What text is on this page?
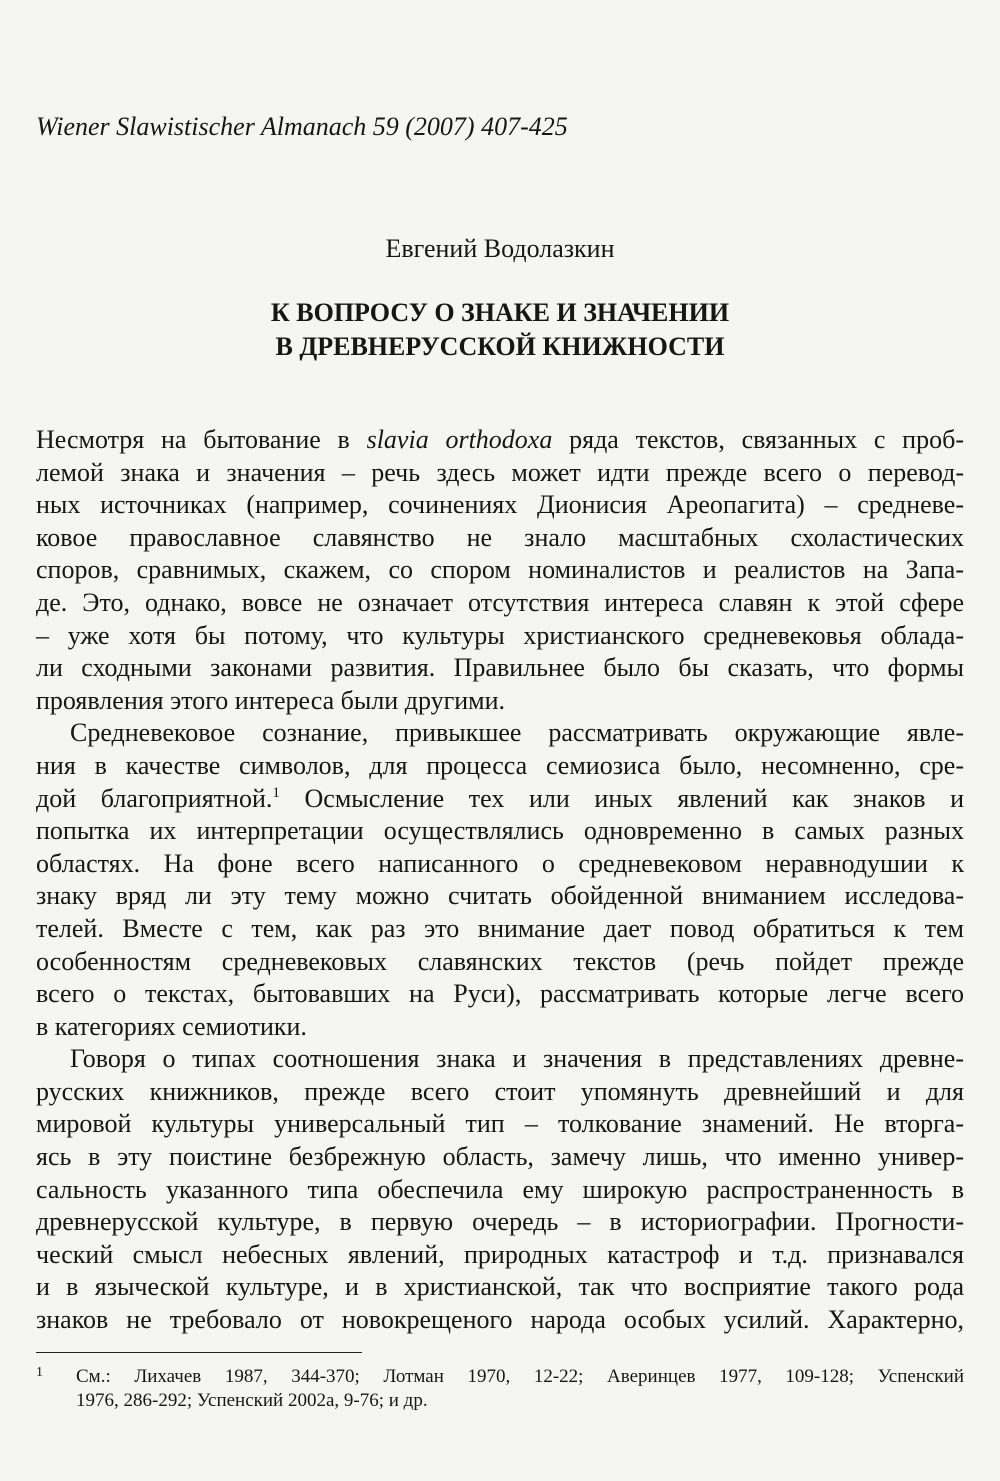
Wiener Slawistischer Almanach 59 (2007) 407-425
Евгений Водолазкин
К ВОПРОСУ О ЗНАКЕ И ЗНАЧЕНИИ
В ДРЕВНЕРУССКОЙ КНИЖНОСТИ
Несмотря на бытование в slavia orthodoxa ряда текстов, связанных с проб-
лемой знака и значения – речь здесь может идти прежде всего о перевод-
ных источниках (например, сочинениях Дионисия Ареопагита) – средневе-
ковое православное славянство не знало масштабных схоластических
споров, сравнимых, скажем, со спором номиналистов и реалистов на Запа-
де. Это, однако, вовсе не означает отсутствия интереса славян к этой сфере
– уже хотя бы потому, что культуры христианского средневековья облада-
ли сходными законами развития. Правильнее было бы сказать, что формы
проявления этого интереса были другими.
Средневековое сознание, привыкшее рассматривать окружающие явле-
ния в качестве символов, для процесса семиозиса было, несомненно, сре-
дой благоприятной.$^1$ Осмысление тех или иных явлений как знаков и
попытка их интерпретации осуществлялись одновременно в самых разных
областях. На фоне всего написанного о средневековом неравнодушии к
знаку вряд ли эту тему можно считать обойденной вниманием исследова-
телей. Вместе с тем, как раз это внимание дает повод обратиться к тем
особенностям средневековых славянских текстов (речь пойдет прежде
всего о текстах, бытовавших на Руси), рассматривать которые легче всего
в категориях семиотики.
Говоря о типах соотношения знака и значения в представлениях древне-
русских книжников, прежде всего стоит упомянуть древнейший и для
мировой культуры универсальный тип – толкование знамений. Не вторга-
ясь в эту поистине безбрежную область, замечу лишь, что именно универ-
сальность указанного типа обеспечила ему широкую распространенность в
древнерусской культуре, в первую очередь – в историографии. Прогности-
ческий смысл небесных явлений, природных катастроф и т.д. признавался
и в языческой культуре, и в христианской, так что восприятие такого рода
знаков не требовало от новокрещеного народа особых усилий. Характерно,
1 См.: Лихачев 1987, 344-370; Лотман 1970, 12-22; Аверинцев 1977, 109-128; Успенский
1976, 286-292; Успенский 2002а, 9-76; и др.
